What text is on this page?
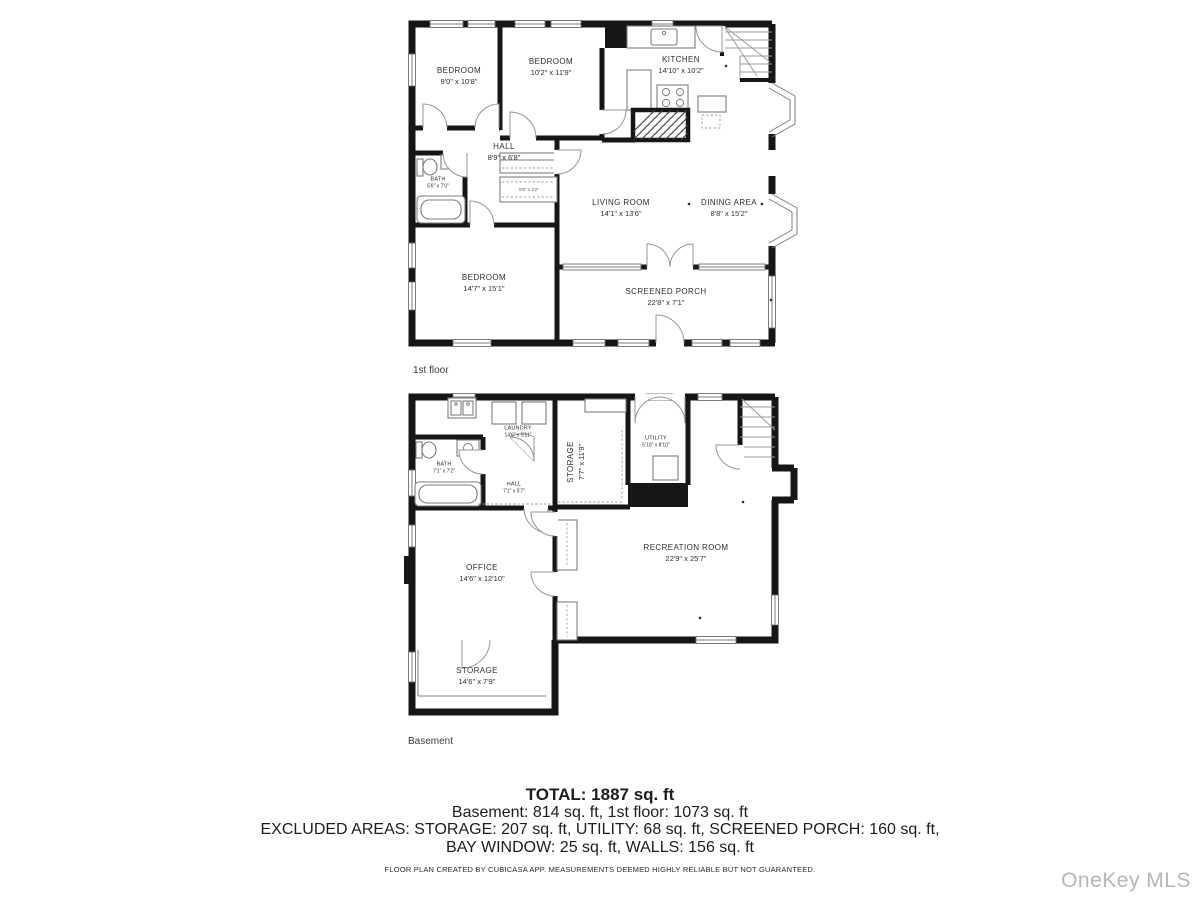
BEDROOM
9'0" x 10'8"
BEDROOM
10'2" x 11'9"
KITCHEN
14'10" x 10'2"
HALL
8'9" x 6'8"
BATH
5'6" x 7'0"
5'6" x 2'2"
LIVING ROOM
14'1" x 13'6"
DINING AREA
8'8" x 15'2"
BEDROOM
14'7" x 15'1"	SCREENED PORCH
22'8" x 7'1"
1st floor
LAUNDRY
14'6" x 5'11"
BATH
7'1" x 7'2"
HALL
7'1" x 5'7"
STORAGE 7'7" x 11'9"
UTILITY
5'10" x 8'10"
RECREATION ROOM
22'9" x 25'7"
OFFICE
14'6" x 12'10"
STORAGE
14'6" x 7'9"
Basement
TOTAL: 1887 sq. ft
Basement: 814 sq. ft, 1st floor: 1073 sq. ft
EXCLUDED AREAS: STORAGE: 207 sq. ft, UTILITY: 68 sq. ft, SCREENED PORCH: 160 sq. ft,
BAY WINDOW: 25 sq. ft, WALLS: 156 sq. ft
FLOOR PLAN CREATED BY CUBICASA APP. MEASUREMENTS DEEMED HIGHLY RELIABLE BUT NOT GUARANTEED.	OneKey MLS
